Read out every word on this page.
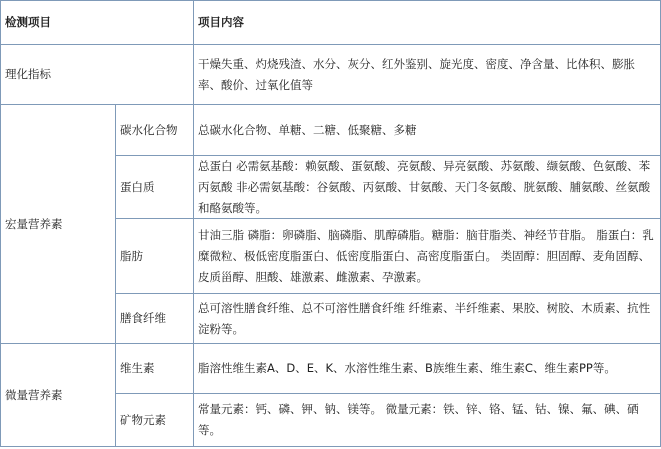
检测项目	项目内容
理化指标
干燥失重、灼烧残渣、水分、灰分、红外鉴别、旋光度、密度、净含量、比体积、膨胀率、酸价、过氧化值等
宏量营养素
碳水化合物 总碳水化合物、单糖、二糖、低聚糖、多糖
蛋白质
总蛋白 必需氨基酸：赖氨酸、蛋氨酸、亮氨酸、异亮氨酸、苏氨酸、缬氨酸、色氨酸、苯丙氨酸 非必需氨基酸：谷氨酸、丙氨酸、甘氨酸、天门冬氨酸、胱氨酸、脯氨酸、丝氨酸和酪氨酸等。
脂肪
甘油三脂 磷脂：卵磷脂、脑磷脂、肌醇磷脂。糖脂：脑苷脂类、神经节苷脂。 脂蛋白：乳糜微粒、极低密度脂蛋白、低密度脂蛋白、高密度脂蛋白。 类固醇：胆固醇、麦角固醇、皮质甾醇、胆酸、雄激素、雌激素、孕激素。
膳食纤维
总可溶性膳食纤维、总不可溶性膳食纤维 纤维素、半纤维素、果胶、树胶、木质素、抗性淀粉等。
微量营养素
维生素	脂溶性维生素A、D、E、K、水溶性维生素、B族维生素、维生素C、维生素PP等。
矿物元素
常量元素：钙、磷、钾、钠、镁等。 微量元素：铁、锌、铬、锰、钴、镍、氟、碘、硒等。
